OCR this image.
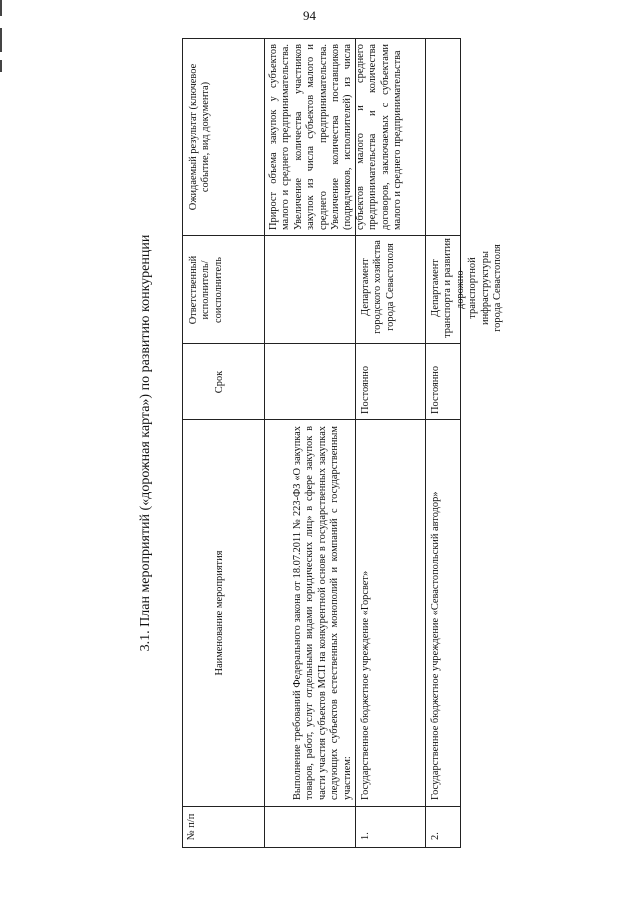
94
3.1. План мероприятий («дорожная карта») по развитию конкуренции
№ п/п
Наименование мероприятия
Срок
Ответственный исполнитель/ соисполнитель
Ожидаемый результат (ключевое событие, вид документа)
Выполнение требований Федерального закона от 18.07.2011 № 223-ФЗ «О закупках товаров, работ, услуг отдельными видами юридических лиц» в сфере закупок в части участия субъектов МСП на конкурентной основе в государственных закупках следующих субъектов естественных монополий и компаний с государственным участием:
Прирост объема закупок у субъектов малого и среднего предпринимательства. Увеличение количества участников закупок из числа субъектов малого и среднего предпринимательства. Увеличение количества поставщиков (подрядчиков, исполнителей) из числа субъектов малого и среднего предпринимательства и количества договоров, заключаемых с субъектами малого и среднего предпринимательства
1.
Государственное бюджетное учреждение «Горсвет»
Постоянно
Департамент городского хозяйства города Севастополя
2.
Государственное бюджетное учреждение «Севастопольский автодор»
Постоянно
Департамент транспорта и развития дорожно-транспортной инфраструктуры города Севастополя
